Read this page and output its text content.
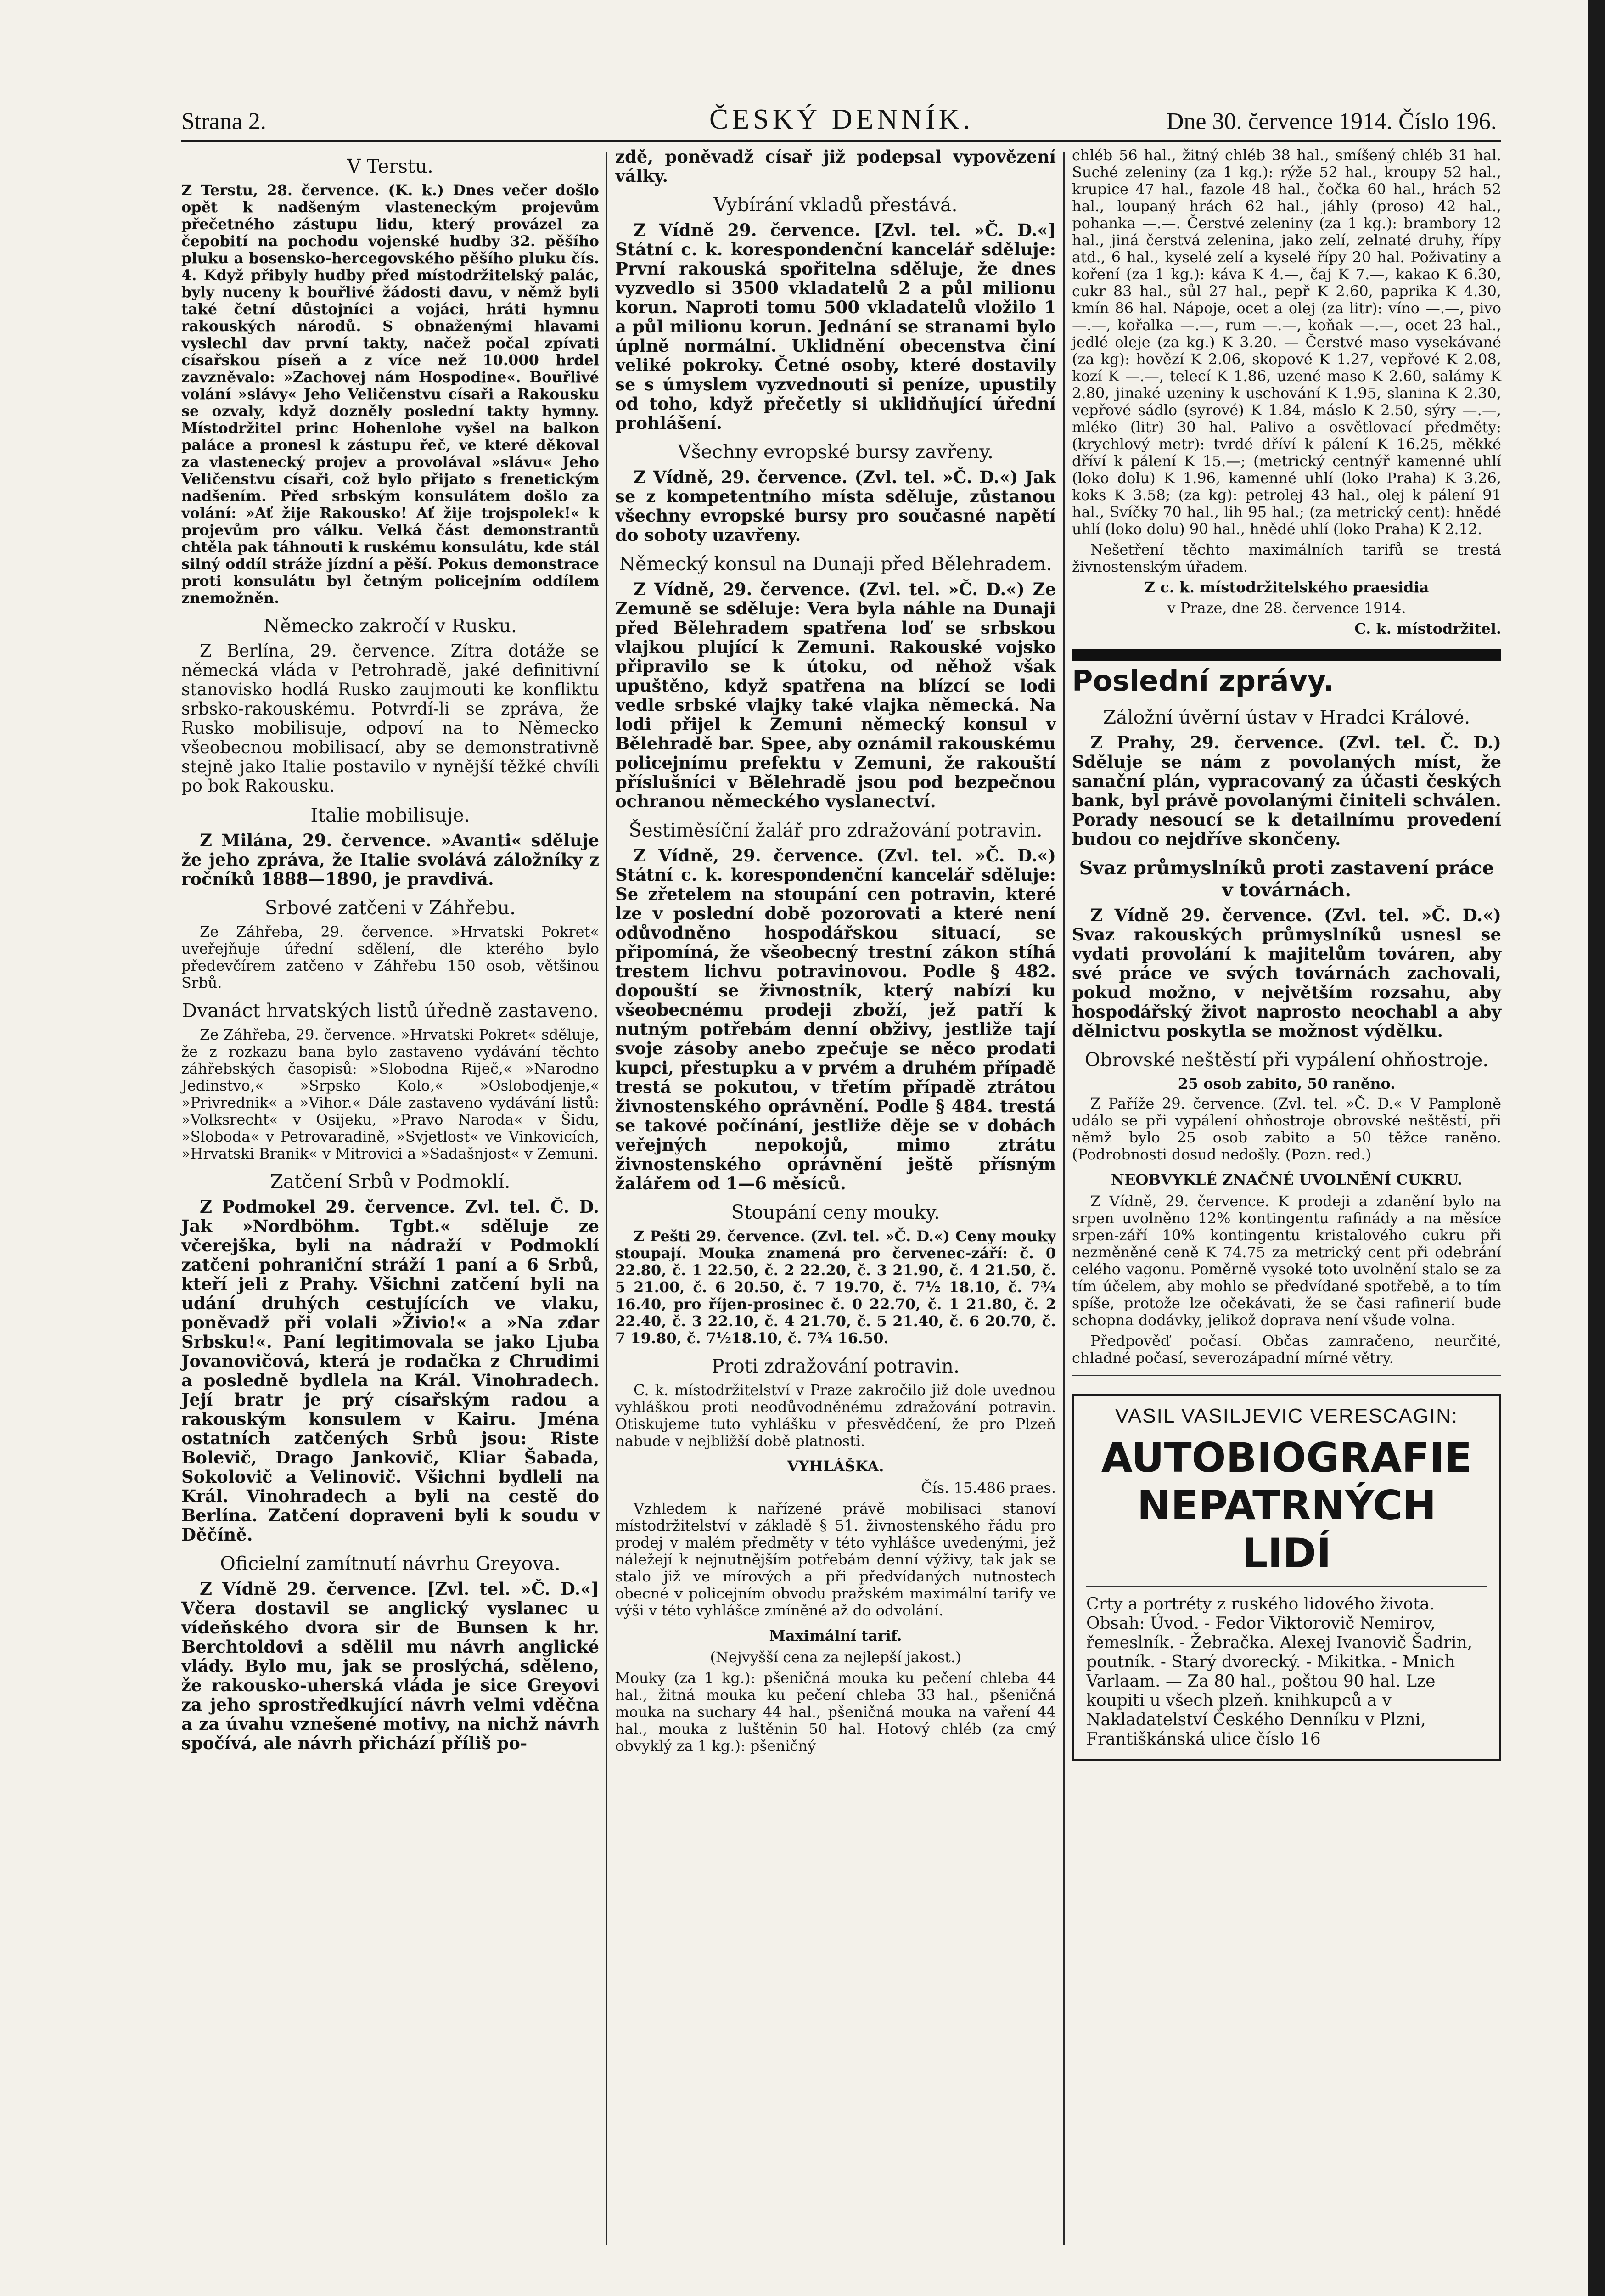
Strana 2.	ČESKÝ DENNÍK.	Dne 30. července 1914. Číslo 196.
V Terstu.

Z Terstu, 28. července. (K. k.) Dnes večer došlo opět k nadšeným vlasteneckým projevům přečetného zástupu lidu, který provázel za čepobití na pochodu vojenské hudby 32. pěšího pluku a bosensko-hercegovského pěšího pluku čís. 4. Když přibyly hudby před místodržitelský palác, byly nuceny k bouřlivé žádosti davu, v němž byli také četní důstojníci a vojáci, hráti hymnu rakouských národů. S obnaženými hlavami vyslechl dav první takty, načež počal zpívati císařskou píseň a z více než 10.000 hrdel zavzněvalo: »Zachovej nám Hospodine«. Bouřlivé volání »slávy« Jeho Veličenstvu císaři a Rakousku se ozvaly, když dozněly poslední takty hymny. Místodržitel princ Hohenlohe vyšel na balkon paláce a pronesl k zástupu řeč, ve které děkoval za vlastenecký projev a provolával »slávu« Jeho Veličenstvu císaři, což bylo přijato s frenetickým nadšením. Před srbským konsulátem došlo za volání: »Ať žije Rakousko! Ať žije trojspolek!« k projevům pro válku. Velká část demonstrantů chtěla pak táhnouti k ruskému konsulátu, kde stál silný oddíl stráže jízdní a pěší. Pokus demonstrace proti konsulátu byl četným policejním oddílem znemožněn.

Německo zakročí v Rusku.

Z Berlína, 29. července. Zítra dotáže se německá vláda v Petrohradě, jaké definitivní stanovisko hodlá Rusko zaujmouti ke konfliktu srbsko-rakouskému. Potvrdí-li se zpráva, že Rusko mobilisuje, odpoví na to Německo všeobecnou mobilisací, aby se demonstrativně stejně jako Italie postavilo v nynější těžké chvíli po bok Rakousku.

Italie mobilisuje.

Z Milána, 29. července. »Avanti« sděluje že jeho zpráva, že Italie svolává záložníky z ročníků 1888—1890, je pravdivá.

Srbové zatčeni v Záhřebu.

Ze Záhřeba, 29. července. »Hrvatski Pokret« uveřejňuje úřední sdělení, dle kterého bylo předevčírem zatčeno v Záhřebu 150 osob, většinou Srbů.

Dvanáct hrvatských listů úředně zastaveno.

Ze Záhřeba, 29. července. »Hrvatski Pokret« sděluje, že z rozkazu bana bylo zastaveno vydávání těchto záhřebských časopisů: »Slobodna Riječ,« »Narodno Jedinstvo,« »Srpsko Kolo,« »Oslobodjenje,« »Privrednik« a »Vihor.« Dále zastaveno vydávání listů: »Volksrecht« v Osijeku, »Pravo Naroda« v Šidu, »Sloboda« v Petrovaradině, »Svjetlost« ve Vinkovicích, »Hrvatski Branik« v Mitrovici a »Sadašnjost« v Zemuni.

Zatčení Srbů v Podmoklí.

Z Podmokel 29. července. Zvl. tel. Č. D. Jak »Nordböhm. Tgbt.« sděluje ze včerejška, byli na nádraží v Podmoklí zatčeni pohraniční stráží 1 paní a 6 Srbů, kteří jeli z Prahy. Všichni zatčení byli na udání druhých cestujících ve vlaku, poněvadž při volali »Živio!« a »Na zdar Srbsku!«. Paní legitimovala se jako Ljuba Jovanovičová, která je rodačka z Chrudimi a posledně bydlela na Král. Vinohradech. Její bratr je prý císařským radou a rakouským konsulem v Kairu. Jména ostatních zatčených Srbů jsou: Riste Bolevič, Drago Jankovič, Kliar Šabada, Sokolovič a Velinovič. Všichni bydleli na Král. Vinohradech a byli na cestě do Berlína. Zatčení dopraveni byli k soudu v Děčíně.

Oficielní zamítnutí návrhu Greyova.

Z Vídně 29. července. [Zvl. tel. »Č. D.«] Včera dostavil se anglický vyslanec u vídeňského dvora sir de Bunsen k hr. Berchtoldovi a sdělil mu návrh anglické vlády. Bylo mu, jak se proslýchá, sděleno, že rakousko-uherská vláda je sice Greyovi za jeho sprostředkující návrh velmi vděčna a za úvahu vznešené motivy, na nichž návrh spočívá, ale návrh přichází příliš po-

zdě, poněvadž císař již podepsal vypovězení války.

Vybírání vkladů přestává.

Z Vídně 29. července. [Zvl. tel. »Č. D.«] Státní c. k. korespondenční kancelář sděluje: První rakouská spořitelna sděluje, že dnes vyzvedlo si 3500 vkladatelů 2 a půl milionu korun. Naproti tomu 500 vkladatelů vložilo 1 a půl milionu korun. Jednání se stranami bylo úplně normální. Uklidnění obecenstva činí veliké pokroky. Četné osoby, které dostavily se s úmyslem vyzvednouti si peníze, upustily od toho, když přečetly si uklidňující úřední prohlášení.

Všechny evropské bursy zavřeny.

Z Vídně, 29. července. (Zvl. tel. »Č. D.«) Jak se z kompetentního místa sděluje, zůstanou všechny evropské bursy pro současné napětí do soboty uzavřeny.

Německý konsul na Dunaji před Bělehradem.

Z Vídně, 29. července. (Zvl. tel. »Č. D.«) Ze Zemuně se sděluje: Vera byla náhle na Dunaji před Bělehradem spatřena loď se srbskou vlajkou plující k Zemuni. Rakouské vojsko připravilo se k útoku, od něhož však upuštěno, když spatřena na blízcí se lodi vedle srbské vlajky také vlajka německá. Na lodi přijel k Zemuni německý konsul v Bělehradě bar. Spee, aby oznámil rakouskému policejnímu prefektu v Zemuni, že rakouští příslušníci v Bělehradě jsou pod bezpečnou ochranou německého vyslanectví.

Šestiměsíční žalář pro zdražování potravin.

Z Vídně, 29. července. (Zvl. tel. »Č. D.«) Státní c. k. korespondenční kancelář sděluje: Se zřetelem na stoupání cen potravin, které lze v poslední době pozorovati a které není odůvodněno hospodářskou situací, se připomíná, že všeobecný trestní zákon stíhá trestem lichvu potravinovou. Podle § 482. dopouští se živnostník, který nabízí ku všeobecnému prodeji zboží, jež patří k nutným potřebám denní obživy, jestliže tají svoje zásoby anebo zpečuje se něco prodati kupci, přestupku a v prvém a druhém případě trestá se pokutou, v třetím případě ztrátou živnostenského oprávnění. Podle § 484. trestá se takové počínání, jestliže děje se v dobách veřejných nepokojů, mimo ztrátu živnostenského oprávnění ještě přísným žalářem od 1—6 měsíců.

Stoupání ceny mouky.

Z Pešti 29. července. (Zvl. tel. »Č. D.«) Ceny mouky stoupají. Mouka znamená pro červenec-září: č. 0 22.80, č. 1 22.50, č. 2 22.20, č. 3 21.90, č. 4 21.50, č. 5 21.00, č. 6 20.50, č. 7 19.70, č. 7½ 18.10, č. 7¾ 16.40, pro říjen-prosinec č. 0 22.70, č. 1 21.80, č. 2 22.40, č. 3 22.10, č. 4 21.70, č. 5 21.40, č. 6 20.70, č. 7 19.80, č. 7½18.10, č. 7¾ 16.50.

Proti zdražování potravin.

C. k. místodržitelství v Praze zakročilo již dole uvednou vyhláškou proti neodůvodněnému zdražování potravin. Otiskujeme tuto vyhlášku v přesvědčení, že pro Plzeň nabude v nejbližší době platnosti.

VYHLÁŠKA.

Čís. 15.486 praes.

Vzhledem k nařízené právě mobilisaci stanoví místodržitelství v základě § 51. živnostenského řádu pro prodej v malém předměty v této vyhlášce uvedenými, jež náležejí k nejnutnějším potřebám denní výživy, tak jak se stalo již ve mírových a při předvídaných nutnostech obecné v policejním obvodu pražském maximální tarify ve výši v této vyhlášce zmíněné až do odvolání.

Maximální tarif.

(Nejvyšší cena za nejlepší jakost.)

Mouky (za 1 kg.): pšeničná mouka ku pečení chleba 44 hal., žitná mouka ku pečení chleba 33 hal., pšeničná mouka na suchary 44 hal., pšeničná mouka na vaření 44 hal., mouka z luštěnin 50 hal. Hotový chléb (za cmý obvyklý za 1 kg.): pšeničný

chléb 56 hal., žitný chléb 38 hal., smíšený chléb 31 hal. Suché zeleniny (za 1 kg.): rýže 52 hal., kroupy 52 hal., krupice 47 hal., fazole 48 hal., čočka 60 hal., hrách 52 hal., loupaný hrách 62 hal., jáhly (proso) 42 hal., pohanka —.—. Čerstvé zeleniny (za 1 kg.): brambory 12 hal., jiná čerstvá zelenina, jako zelí, zelnaté druhy, řípy atd., 6 hal., kyselé zelí a kyselé řípy 20 hal. Poživatiny a koření (za 1 kg.): káva K 4.—, čaj K 7.—, kakao K 6.30, cukr 83 hal., sůl 27 hal., pepř K 2.60, paprika K 4.30, kmín 86 hal. Nápoje, ocet a olej (za litr): víno —.—, pivo —.—, kořalka —.—, rum —.—, koňak —.—, ocet 23 hal., jedlé oleje (za kg.) K 3.20. — Čerstvé maso vysekávané (za kg): hovězí K 2.06, skopové K 1.27, vepřové K 2.08, kozí K —.—, telecí K 1.86, uzené maso K 2.60, salámy K 2.80, jinaké uzeniny k uschování K 1.95, slanina K 2.30, vepřové sádlo (syrové) K 1.84, máslo K 2.50, sýry —.—, mléko (litr) 30 hal. Palivo a osvětlovací předměty: (krychlový metr): tvrdé dříví k pálení K 16.25, měkké dříví k pálení K 15.—; (metrický centnýř kamenné uhlí (loko dolu) K 1.96, kamenné uhlí (loko Praha) K 3.26, koks K 3.58; (za kg): petrolej 43 hal., olej k pálení 91 hal., Svíčky 70 hal., lih 95 hal.; (za metrický cent): hnědé uhlí (loko dolu) 90 hal., hnědé uhlí (loko Praha) K 2.12.

Nešetření těchto maximálních tarifů se trestá živnostenským úřadem.

Z c. k. místodržitelského praesidia

v Praze, dne 28. července 1914.

C. k. místodržitel.

Poslední zprávy.
Záložní úvěrní ústav v Hradci Králové.

Z Prahy, 29. července. (Zvl. tel. Č. D.) Sděluje se nám z povolaných míst, že sanační plán, vypracovaný za účasti českých bank, byl právě povolanými činiteli schválen. Porady nesoucí se k detailnímu provedení budou co nejdříve skončeny.

Svaz průmyslníků proti zastavení práce v továrnách.

Z Vídně 29. července. (Zvl. tel. »Č. D.«) Svaz rakouských průmyslníků usnesl se vydati provolání k majitelům továren, aby své práce ve svých továrnách zachovali, pokud možno, v největším rozsahu, aby hospodářský život naprosto neochabl a aby dělnictvu poskytla se možnost výdělku.

Obrovské neštěstí při vypálení ohňostroje.
25 osob zabito, 50 raněno.

Z Paříže 29. července. (Zvl. tel. »Č. D.« V Pamploně událo se při vypálení ohňostroje obrovské neštěstí, při němž bylo 25 osob zabito a 50 těžce raněno. (Podrobnosti dosud nedošly. (Pozn. red.)

NEOBVYKLÉ ZNAČNÉ UVOLNĚNÍ CUKRU.

Z Vídně, 29. července. K prodeji a zdanění bylo na srpen uvolněno 12% kontingentu rafinády a na měsíce srpen-září 10% kontingentu kristalového cukru při nezměněné ceně K 74.75 za metrický cent při odebrání celého vagonu. Poměrně vysoké toto uvolnění stalo se za tím účelem, aby mohlo se předvídané spotřebě, a to tím spíše, protože lze očekávati, že se časi rafinerií bude schopna dodávky, jelikož doprava není všude volna.

Předpověď počasí. Občas zamračeno, neurčité, chladné počasí, severozápadní mírné větry.

VASIL VASILJEVIC VERESCAGIN:
AUTOBIOGRAFIE
NEPATRNÝCH
LIDÍ
Crty a portréty z ruského lidového života. Obsah: Úvod. - Fedor Viktorovič Nemirov, řemeslník. - Žebračka. Alexej Ivanovič Šadrin, poutník. - Starý dvorecký. - Mikitka. - Mnich Varlaam. — Za 80 hal., poštou 90 hal. Lze koupiti u všech plzeň. knihkupců a v Nakladatelství Českého Denníku v Plzni, Františkánská ulice číslo 16
